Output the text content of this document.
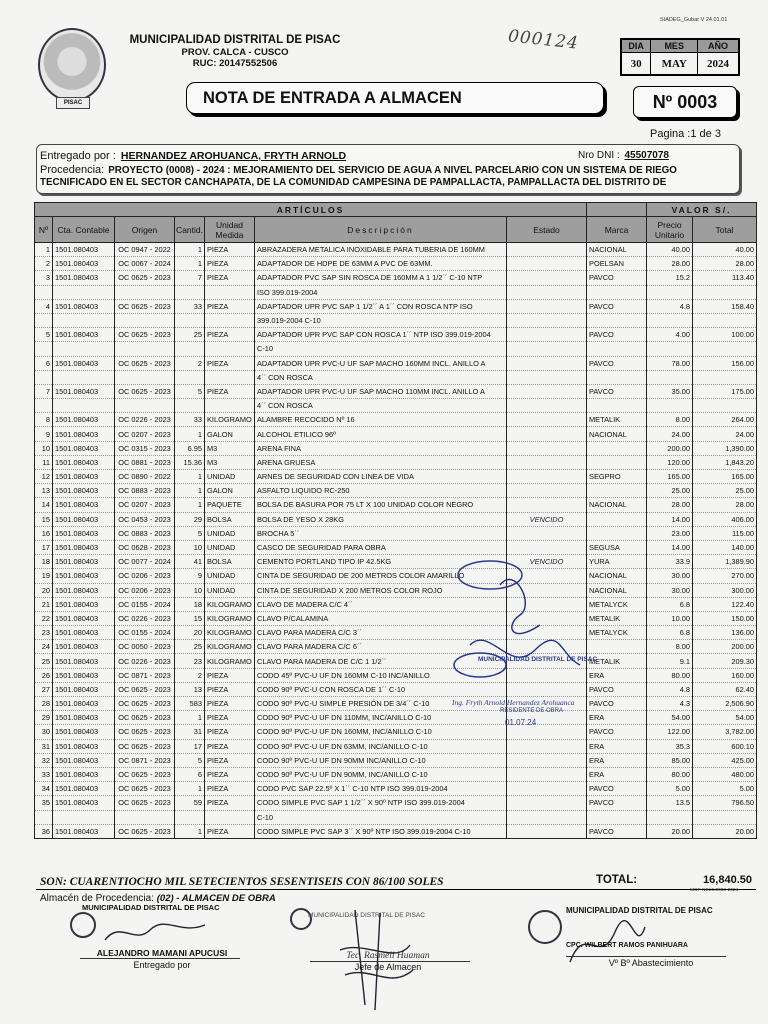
PISAC
MUNICIPALIDAD DISTRITAL DE PISAC
PROV. CALCA - CUSCO
RUC: 20147552506
000124
SIADEG_Gubar V 24.01.01
DIA	MES	AÑO
30	MAY	2024
NOTA DE ENTRADA A ALMACEN	Nº 0003
Pagina :1 de 3
Entregado por : HERNANDEZ AROHUANCA, FRYTH ARNOLD	Nro DNI : 45507078
Procedencia: PROYECTO (0008) - 2024 : MEJORAMIENTO DEL SERVICIO DE AGUA A NIVEL PARCELARIO CON UN SISTEMA DE RIEGO TECNIFICADO EN EL SECTOR CANCHAPATA, DE LA COMUNIDAD CAMPESINA DE PAMPALLACTA, PAMPALLACTA DEL DISTRITO DE
ARTÍCULOS								VALOR S/.	
Nº	Cta. Contable	Origen	Cantid.	Unidad Medida	Descripción	Estado	Marca	Precio Unitario	Total
1	1501.080403	OC 0947 - 2022	1	PIEZA	ABRAZADERA METALICA INOXIDABLE PARA TUBERIA DE 160MM		NACIONAL	40.00	40.00
2	1501.080403	OC 0067 - 2024	1	PIEZA	ADAPTADOR DE HDPE DE 63MM A PVC DE 63MM.		POELSAN	28.00	28.00
3	1501.080403	OC 0625 - 2023	7	PIEZA	ADAPTADOR PVC SAP SIN ROSCA DE 160MM A 1 1/2´´ C-10 NTP		PAVCO	15.2	113.40
					ISO 399.019-2004				
4	1501.080403	OC 0625 - 2023	33	PIEZA	ADAPTADOR UPR PVC SAP 1 1/2´´ A 1´´ CON ROSCA NTP ISO		PAVCO	4.8	158.40
					399.019-2004 C-10				
5	1501.080403	OC 0625 - 2023	25	PIEZA	ADAPTADOR UPR PVC SAP CON ROSCA 1´´ NTP ISO 399.019-2004		PAVCO	4.00	100.00
					C-10				
6	1501.080403	OC 0625 - 2023	2	PIEZA	ADAPTADOR UPR PVC-U UF SAP MACHO 160MM INCL. ANILLO A		PAVCO	78.00	156.00
					4´´ CON ROSCA				
7	1501.080403	OC 0625 - 2023	5	PIEZA	ADAPTADOR UPR PVC-U UF SAP MACHO 110MM INCL. ANILLO A		PAVCO	35.00	175.00
					4´´ CON ROSCA				
8	1501.080403	OC 0226 - 2023	33	KILOGRAMO	ALAMBRE RECOCIDO Nº 16		METALIK	8.00	264.00
9	1501.080403	OC 0207 - 2023	1	GALON	ALCOHOL ETILICO 96º		NACIONAL	24.00	24.00
10	1501.080403	OC 0315 - 2023	6.95	M3	ARENA FINA			200.00	1,390.00
11	1501.080403	OC 0881 - 2023	15.36	M3	ARENA GRUESA			120.00	1,843.20
12	1501.080403	OC 0890 - 2022	1	UNIDAD	ARNES DE SEGURIDAD CON LINEA DE VIDA		SEGPRO	165.00	165.00
13	1501.080403	OC 0883 - 2023	1	GALON	ASFALTO LIQUIDO RC-250			25.00	25.00
14	1501.080403	OC 0207 - 2023	1	PAQUETE	BOLSA DE BASURA POR 75 LT X 100 UNIDAD COLOR NEGRO		NACIONAL	28.00	28.00
15	1501.080403	OC 0453 - 2023	29	BOLSA	BOLSA DE YESO X 28KG	VENCIDO		14.00	406.00
16	1501.080403	OC 0883 - 2023	5	UNIDAD	BROCHA 5´´			23.00	115.00
17	1501.080403	OC 0628 - 2023	10	UNIDAD	CASCO DE SEGURIDAD PARA OBRA		SEGUSA	14.00	140.00
18	1501.080403	OC 0077 - 2024	41	BOLSA	CEMENTO PORTLAND TIPO IP 42.5KG	VENCIDO	YURA	33.9	1,389.90
19	1501.080403	OC 0206 - 2023	9	UNIDAD	CINTA DE SEGURIDAD DE 200 METROS COLOR AMARILLO		NACIONAL	30.00	270.00
20	1501.080403	OC 0206 - 2023	10	UNIDAD	CINTA DE SEGURIDAD X 200 METROS COLOR ROJO		NACIONAL	30.00	300.00
21	1501.080403	OC 0155 - 2024	18	KILOGRAMO	CLAVO DE MADERA C/C 4´´		METALYCK	6.8	122.40
22	1501.080403	OC 0226 - 2023	15	KILOGRAMO	CLAVO P/CALAMINA		METALIK	10.00	150.00
23	1501.080403	OC 0155 - 2024	20	KILOGRAMO	CLAVO PARA MADERA C/C 3´´		METALYCK	6.8	136.00
24	1501.080403	OC 0050 - 2023	25	KILOGRAMO	CLAVO PARA MADERA C/C 6´´			8.00	200.00
25	1501.080403	OC 0226 - 2023	23	KILOGRAMO	CLAVO PARA MADERA DE C/C 1 1/2´´		METALIK	9.1	209.30
26	1501.080403	OC 0871 - 2023	2	PIEZA	CODO 45º PVC-U UF DN 160MM C-10 INC/ANILLO		ERA	80.00	160.00
27	1501.080403	OC 0625 - 2023	13	PIEZA	CODO 90º PVC-U CON ROSCA DE 1´´ C-10		PAVCO	4.8	62.40
28	1501.080403	OC 0625 - 2023	583	PIEZA	CODO 90º PVC-U SIMPLE PRESIÓN DE 3/4´´ C-10		PAVCO	4.3	2,506.90
29	1501.080403	OC 0625 - 2023	1	PIEZA	CODO 90º PVC-U UF DN 110MM, INC/ANILLO C-10		ERA	54.00	54.00
30	1501.080403	OC 0625 - 2023	31	PIEZA	CODO 90º PVC-U UF DN 160MM, INC/ANILLO C-10		PAVCO	122.00	3,782.00
31	1501.080403	OC 0625 - 2023	17	PIEZA	CODO 90º PVC-U UF DN 63MM, INC/ANILLO C-10		ERA	35.3	600.10
32	1501.080403	OC 0871 - 2023	5	PIEZA	CODO 90º PVC-U UF DN 90MM INC/ANILLO C-10		ERA	85.00	425.00
33	1501.080403	OC 0625 - 2023	6	PIEZA	CODO 90º PVC-U UF DN 90MM, INC/ANILLO C-10		ERA	80.00	480.00
34	1501.080403	OC 0625 - 2023	1	PIEZA	CODO PVC SAP 22.5º X 1´´ C-10 NTP ISO 399.019-2004		PAVCO	5.00	5.00
35	1501.080403	OC 0625 - 2023	59	PIEZA	CODO SIMPLE PVC SAP 1 1/2´´ X 90º NTP ISO 399.019-2004		PAVCO	13.5	796.50
					C-10				
36	1501.080403	OC 0625 - 2023	1	PIEZA	CODO SIMPLE PVC SAP 3´´ X 90º NTP ISO 399.019-2004 C-10		PAVCO	20.00	20.00
MUNICIPALIDAD DISTRITAL DE PISAC
Ing. Fryth Arnold Hernandez Arohuanca
RESIDENTE DE OBRA
01.07.24
SON: CUARENTIOCHO MIL SETECIENTOS SESENTISEIS CON 86/100 SOLES	TOTAL:	16,840.50
MOF NE10.0003-2024
Almacén de Procedencia: (02) - ALMACEN DE OBRA
MUNICIPALIDAD DISTRITAL DE PISAC
ALEJANDRO MAMANI APUCUSI
Entregado por
MUNICIPALIDAD DISTRITAL DE PISAC
Tec. Rasmeli Huaman
Jefe de Almacen
MUNICIPALIDAD DISTRITAL DE PISAC
CPC. WILBERT RAMOS PANIHUARA
Vº Bº Abastecimiento
